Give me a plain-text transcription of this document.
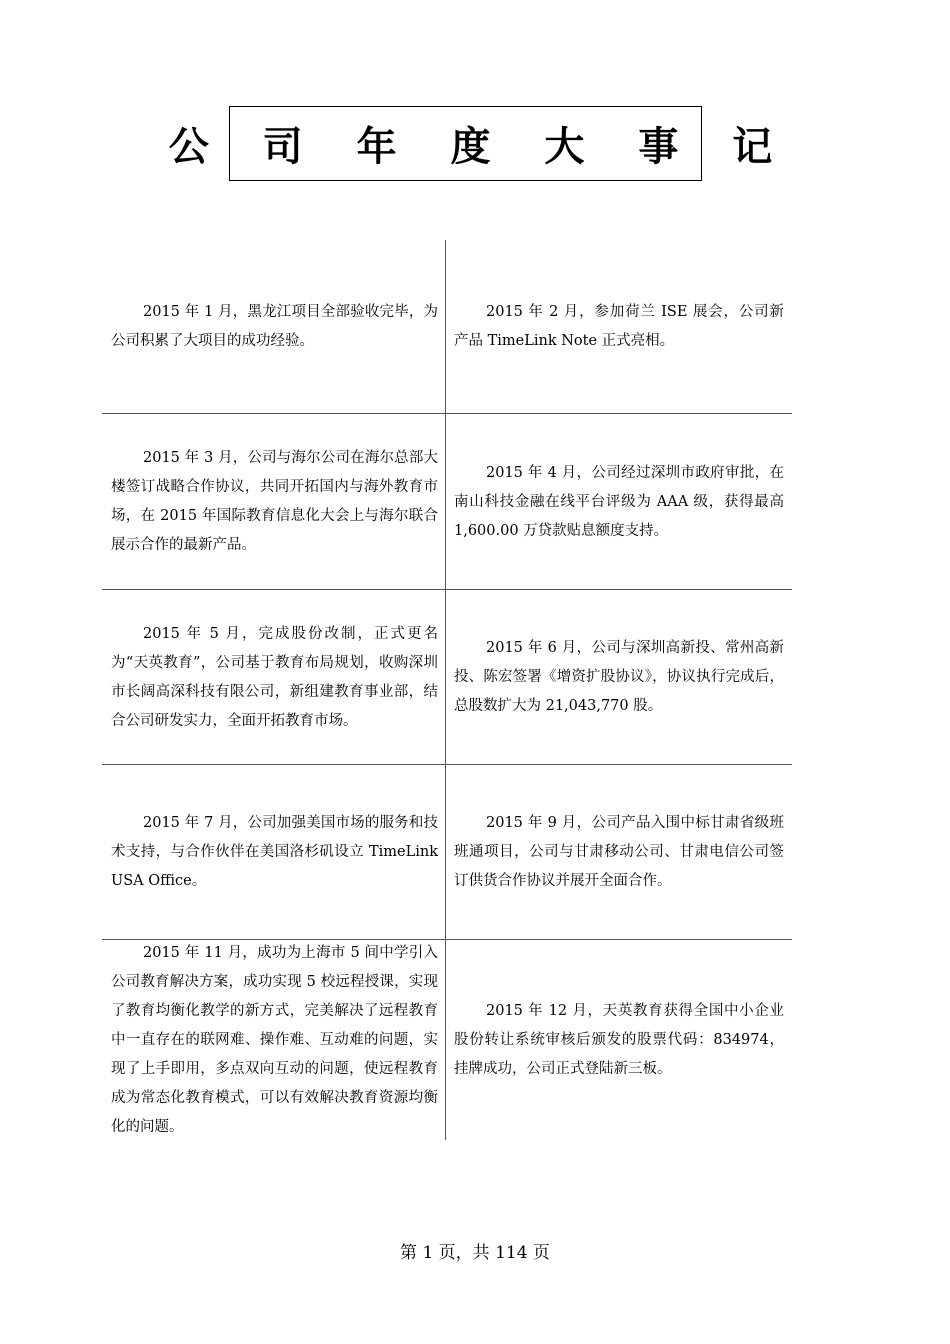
公 司 年 度 大 事 记

2015 年 1 月，黑龙江项目全部验收完毕，为公司积累了大项目的成功经验。

2015 年 2 月，参加荷兰 ISE 展会，公司新产品 TimeLink Note 正式亮相。

2015 年 3 月，公司与海尔公司在海尔总部大楼签订战略合作协议，共同开拓国内与海外教育市场，在 2015 年国际教育信息化大会上与海尔联合展示合作的最新产品。

2015 年 4 月，公司经过深圳市政府审批，在南山科技金融在线平台评级为 AAA 级，获得最高 1,600.00 万贷款贴息额度支持。

2015 年 5 月，完成股份改制，正式更名为“天英教育”，公司基于教育布局规划，收购深圳市长阔高深科技有限公司，新组建教育事业部，结合公司研发实力，全面开拓教育市场。

2015 年 6 月，公司与深圳高新投、常州高新投、陈宏签署《增资扩股协议》，协议执行完成后，总股数扩大为 21,043,770 股。

2015 年 7 月，公司加强美国市场的服务和技术支持，与合作伙伴在美国洛杉矶设立 TimeLink USA Office。

2015 年 9 月，公司产品入围中标甘肃省级班班通项目，公司与甘肃移动公司、甘肃电信公司签订供货合作协议并展开全面合作。

2015 年 11 月，成功为上海市 5 间中学引入公司教育解决方案，成功实现 5 校远程授课，实现了教育均衡化教学的新方式，完美解决了远程教育中一直存在的联网难、操作难、互动难的问题，实现了上手即用，多点双向互动的问题，使远程教育成为常态化教育模式，可以有效解决教育资源均衡化的问题。

2015 年 12 月，天英教育获得全国中小企业股份转让系统审核后颁发的股票代码：834974，挂牌成功，公司正式登陆新三板。

第 1 页，共 114 页
